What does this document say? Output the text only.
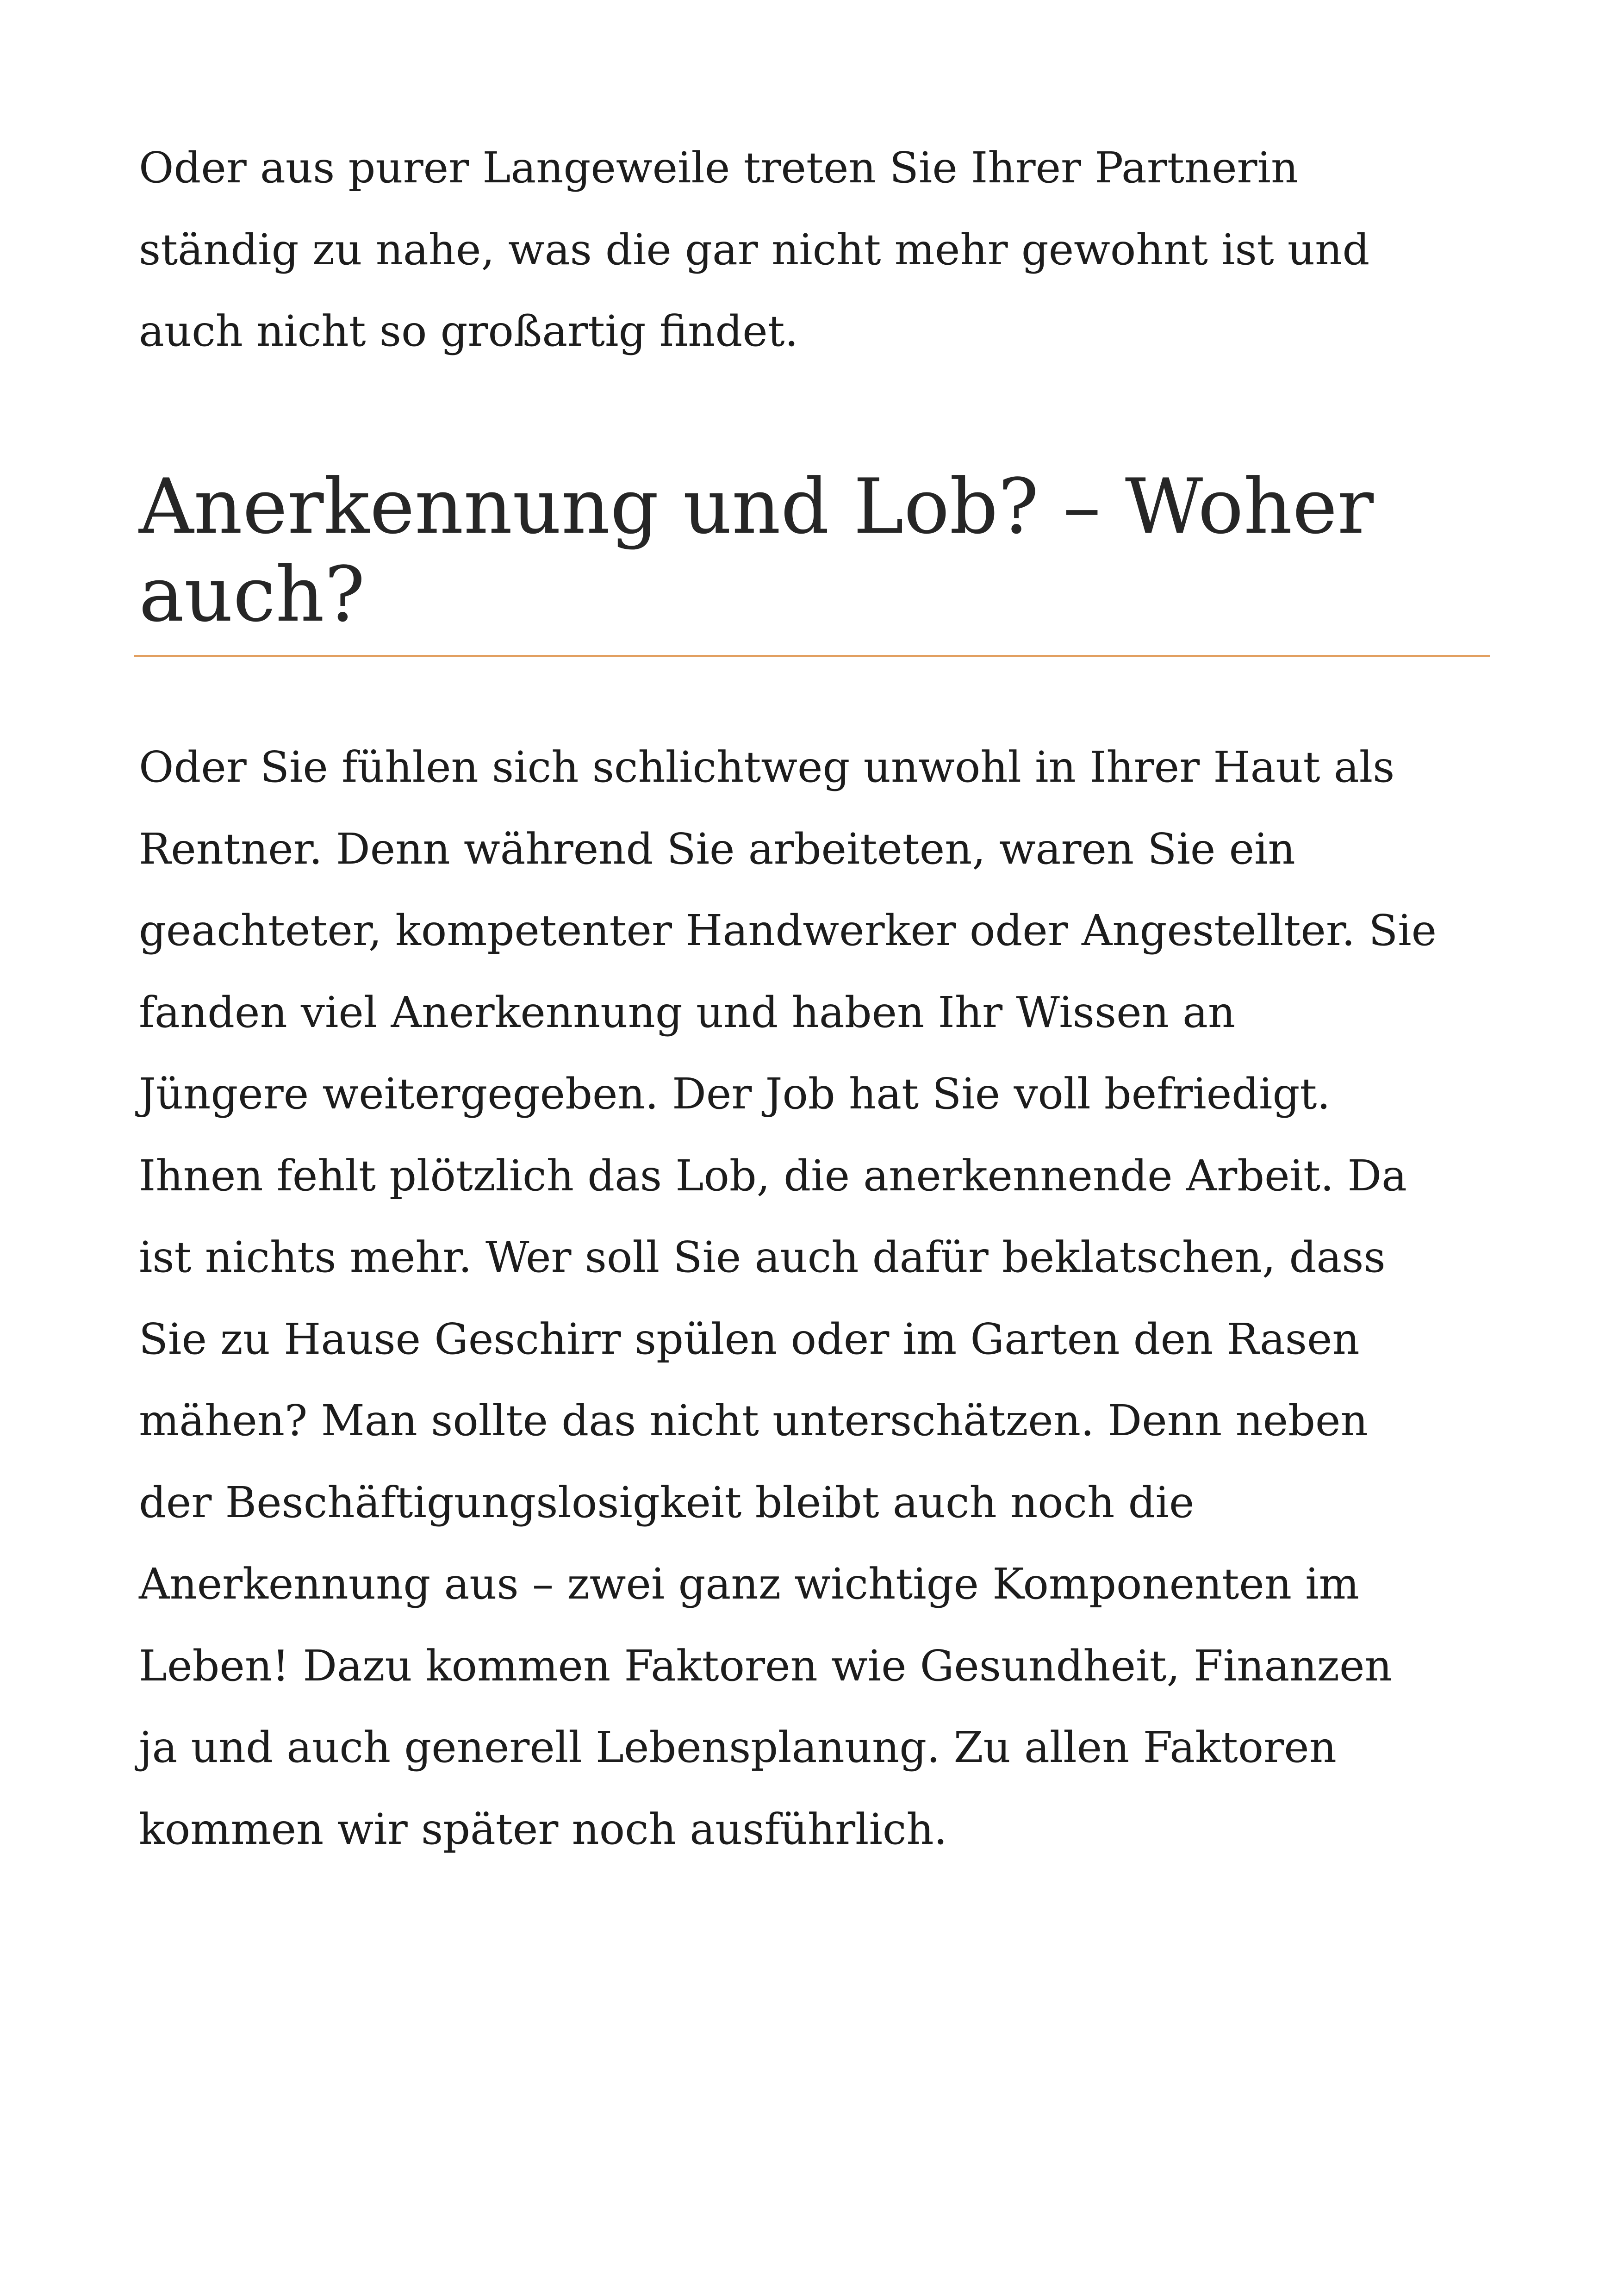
Oder aus purer Langeweile treten Sie Ihrer Partnerin
ständig zu nahe, was die gar nicht mehr gewohnt ist und
auch nicht so großartig findet.
Anerkennung und Lob? – Woher
auch?
Oder Sie fühlen sich schlichtweg unwohl in Ihrer Haut als
Rentner. Denn während Sie arbeiteten, waren Sie ein
geachteter, kompetenter Handwerker oder Angestellter. Sie
fanden viel Anerkennung und haben Ihr Wissen an
Jüngere weitergegeben. Der Job hat Sie voll befriedigt.
Ihnen fehlt plötzlich das Lob, die anerkennende Arbeit. Da
ist nichts mehr. Wer soll Sie auch dafür beklatschen, dass
Sie zu Hause Geschirr spülen oder im Garten den Rasen
mähen? Man sollte das nicht unterschätzen. Denn neben
der Beschäftigungslosigkeit bleibt auch noch die
Anerkennung aus – zwei ganz wichtige Komponenten im
Leben! Dazu kommen Faktoren wie Gesundheit, Finanzen
ja und auch generell Lebensplanung. Zu allen Faktoren
kommen wir später noch ausführlich.
